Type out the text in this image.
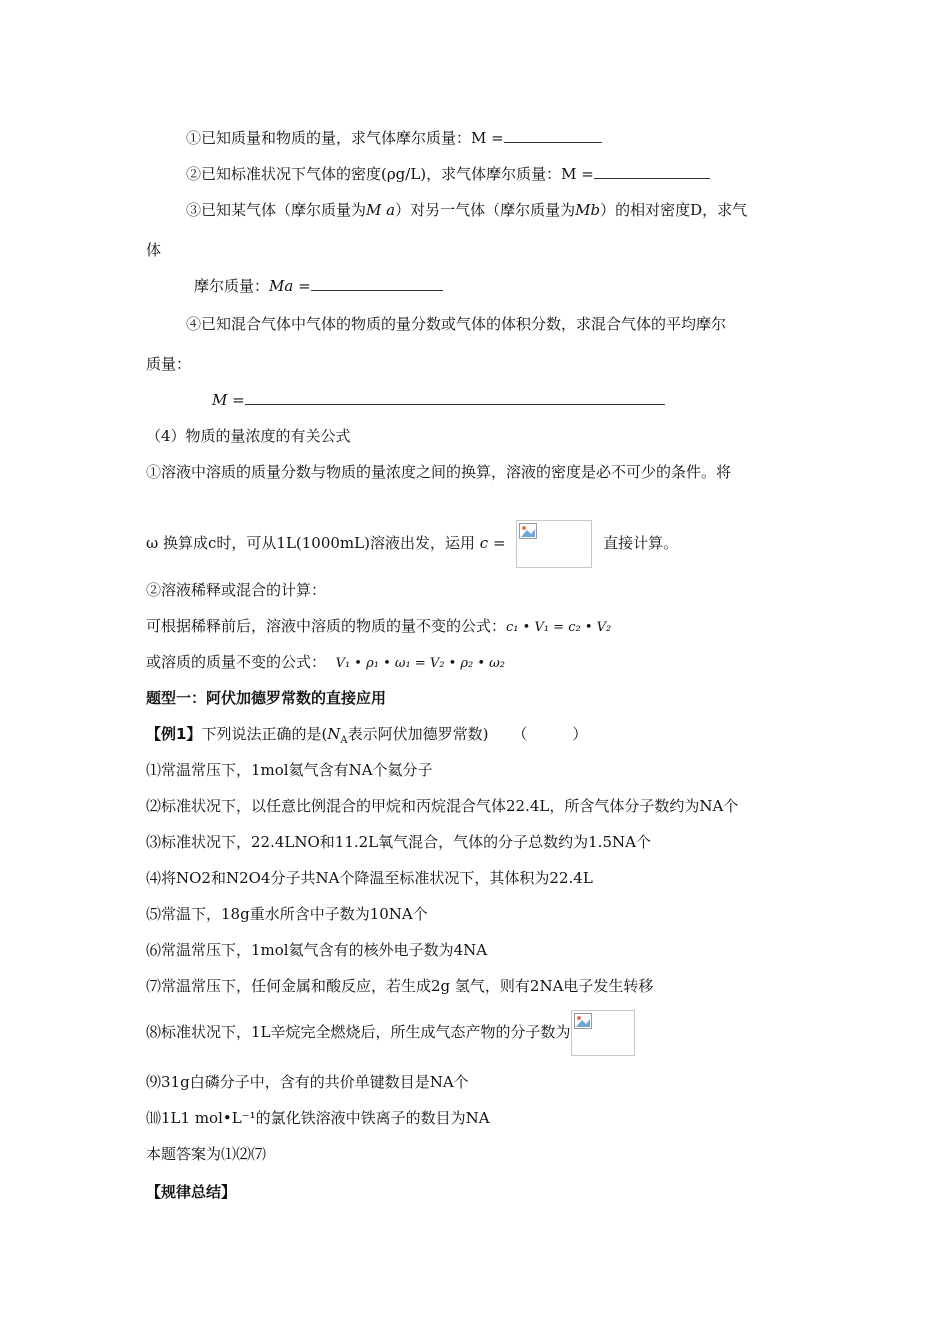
①已知质量和物质的量，求气体摩尔质量：M =
②已知标准状况下气体的密度(ρg/L)，求气体摩尔质量：M =
③已知某气体（摩尔质量为M a）对另一气体（摩尔质量为Mb）的相对密度D，求气
体
摩尔质量：Ma =
④已知混合气体中气体的物质的量分数或气体的体积分数，求混合气体的平均摩尔
质量：
M =
（4）物质的量浓度的有关公式
①溶液中溶质的质量分数与物质的量浓度之间的换算，溶液的密度是必不可少的条件。将
ω 换算成c时，可从1L(1000mL)溶液出发，运用 c =	直接计算。
②溶液稀释或混合的计算：
可根据稀释前后，溶液中溶质的物质的量不变的公式：c₁ • V₁ = c₂ • V₂
或溶质的质量不变的公式： V₁ • ρ₁ • ω₁ = V₂ • ρ₂ • ω₂
题型一：阿伏加德罗常数的直接应用
【例1】下列说法正确的是($N_A$表示阿伏加德罗常数) （　　　）
⑴常温常压下，1mol氦气含有NA个氦分子
⑵标准状况下，以任意比例混合的甲烷和丙烷混合气体22.4L，所含气体分子数约为NA个
⑶标准状况下，22.4LNO和11.2L氧气混合，气体的分子总数约为1.5NA个
⑷将NO2和N2O4分子共NA个降温至标准状况下，其体积为22.4L
⑸常温下，18g重水所含中子数为10NA个
⑹常温常压下，1mol氦气含有的核外电子数为4NA
⑺常温常压下，任何金属和酸反应，若生成2g 氢气，则有2NA电子发生转移
⑻标准状况下，1L辛烷完全燃烧后，所生成气态产物的分子数为
⑼31g白磷分子中，含有的共价单键数目是NA个
⑽1L1 mol•L⁻¹的氯化铁溶液中铁离子的数目为NA
本题答案为⑴⑵⑺
【规律总结】
